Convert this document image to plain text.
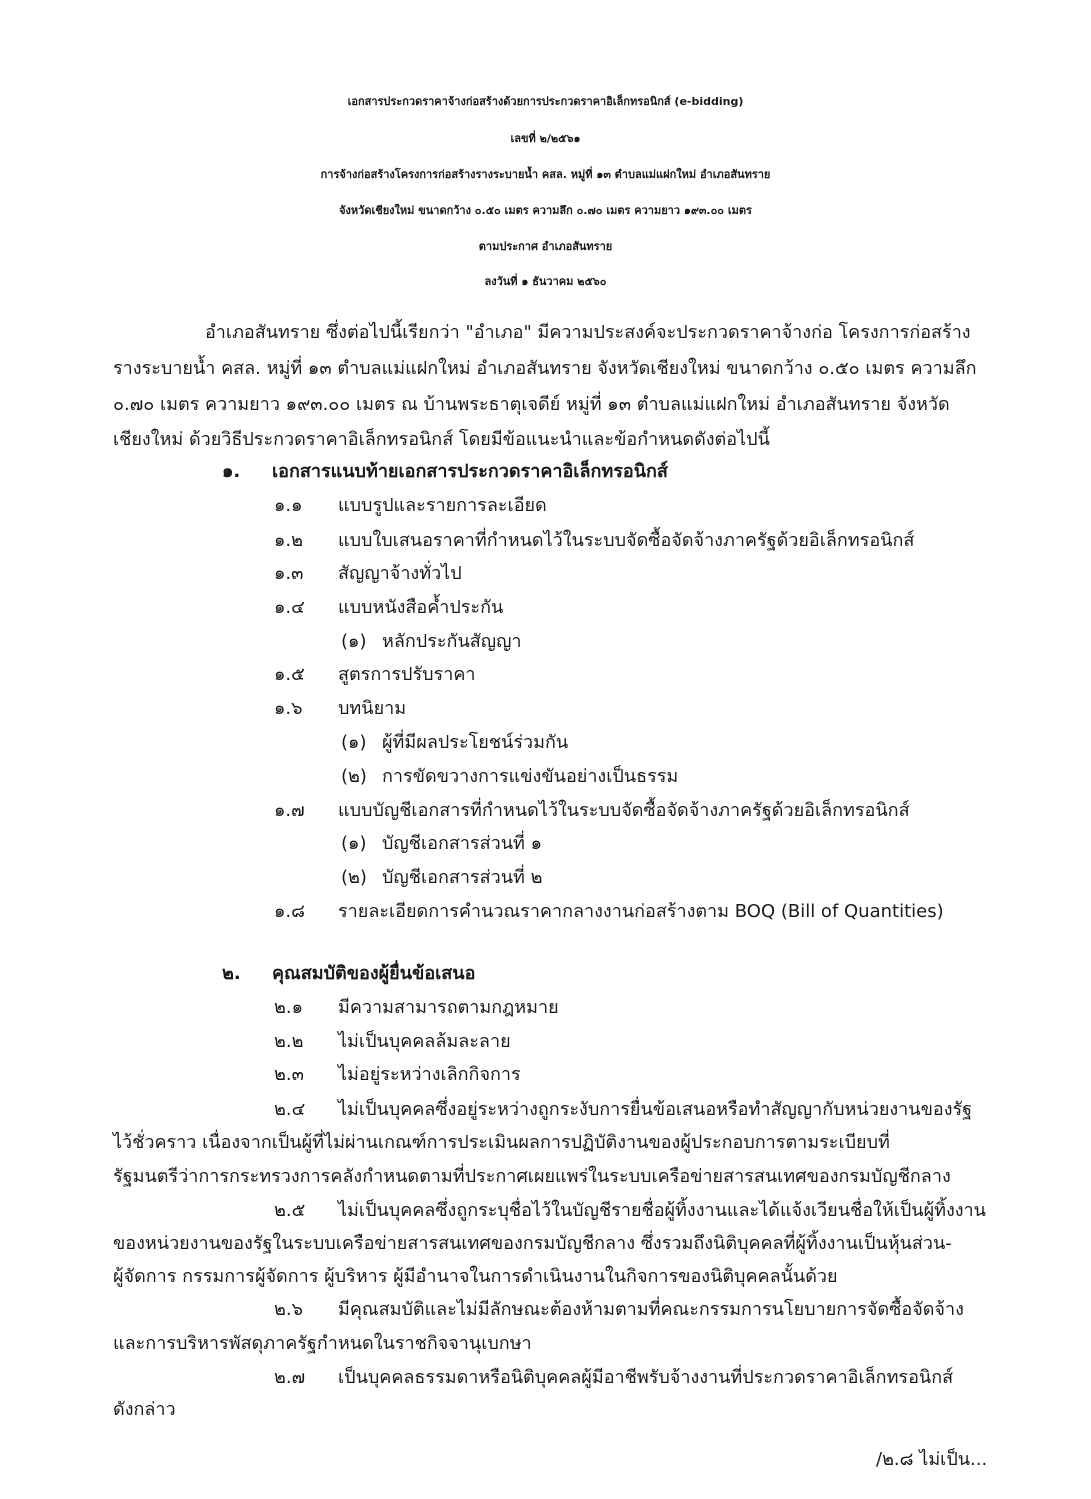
เอกสารประกวดราคาจ้างก่อสร้างด้วยการประกวดราคาอิเล็กทรอนิกส์ (e-bidding)
เลขที่ ๒/๒๕๖๑
การจ้างก่อสร้างโครงการก่อสร้างรางระบายน้ำ คสล. หมู่ที่ ๑๓ ตำบลแม่แฝกใหม่ อำเภอสันทราย
จังหวัดเชียงใหม่ ขนาดกว้าง ๐.๕๐ เมตร ความลึก ๐.๗๐ เมตร ความยาว ๑๙๓.๐๐ เมตร
ตามประกาศ อำเภอสันทราย
ลงวันที่ ๑ ธันวาคม ๒๕๖๐
อำเภอสันทราย ซึ่งต่อไปนี้เรียกว่า "อำเภอ" มีความประสงค์จะประกวดราคาจ้างก่อ โครงการก่อสร้าง
รางระบายน้ำ คสล. หมู่ที่ ๑๓ ตำบลแม่แฝกใหม่ อำเภอสันทราย จังหวัดเชียงใหม่ ขนาดกว้าง ๐.๕๐ เมตร ความลึก
๐.๗๐ เมตร ความยาว ๑๙๓.๐๐ เมตร ณ บ้านพระธาตุเจดีย์ หมู่ที่ ๑๓ ตำบลแม่แฝกใหม่ อำเภอสันทราย จังหวัด
เชียงใหม่ ด้วยวิธีประกวดราคาอิเล็กทรอนิกส์ โดยมีข้อแนะนำและข้อกำหนดดังต่อไปนี้
๑. เอกสารแนบท้ายเอกสารประกวดราคาอิเล็กทรอนิกส์
๑.๑ แบบรูปและรายการละเอียด
๑.๒ แบบใบเสนอราคาที่กำหนดไว้ในระบบจัดซื้อจัดจ้างภาครัฐด้วยอิเล็กทรอนิกส์
๑.๓ สัญญาจ้างทั่วไป
๑.๔ แบบหนังสือค้ำประกัน
(๑) หลักประกันสัญญา
๑.๕ สูตรการปรับราคา
๑.๖ บทนิยาม
(๑) ผู้ที่มีผลประโยชน์ร่วมกัน
(๒) การขัดขวางการแข่งขันอย่างเป็นธรรม
๑.๗ แบบบัญชีเอกสารที่กำหนดไว้ในระบบจัดซื้อจัดจ้างภาครัฐด้วยอิเล็กทรอนิกส์
(๑) บัญชีเอกสารส่วนที่ ๑
(๒) บัญชีเอกสารส่วนที่ ๒
๑.๘ รายละเอียดการคำนวณราคากลางงานก่อสร้างตาม BOQ (Bill of Quantities)
๒. คุณสมบัติของผู้ยื่นข้อเสนอ
๒.๑ มีความสามารถตามกฎหมาย
๒.๒ ไม่เป็นบุคคลล้มละลาย
๒.๓ ไม่อยู่ระหว่างเลิกกิจการ
๒.๔ ไม่เป็นบุคคลซึ่งอยู่ระหว่างถูกระงับการยื่นข้อเสนอหรือทำสัญญากับหน่วยงานของรัฐ
ไว้ชั่วคราว เนื่องจากเป็นผู้ที่ไม่ผ่านเกณฑ์การประเมินผลการปฏิบัติงานของผู้ประกอบการตามระเบียบที่
รัฐมนตรีว่าการกระทรวงการคลังกำหนดตามที่ประกาศเผยแพร่ในระบบเครือข่ายสารสนเทศของกรมบัญชีกลาง
๒.๕ ไม่เป็นบุคคลซึ่งถูกระบุชื่อไว้ในบัญชีรายชื่อผู้ทิ้งงานและได้แจ้งเวียนชื่อให้เป็นผู้ทิ้งงาน
ของหน่วยงานของรัฐในระบบเครือข่ายสารสนเทศของกรมบัญชีกลาง ซึ่งรวมถึงนิติบุคคลที่ผู้ทิ้งงานเป็นหุ้นส่วน-
ผู้จัดการ กรรมการผู้จัดการ ผู้บริหาร ผู้มีอำนาจในการดำเนินงานในกิจการของนิติบุคคลนั้นด้วย
๒.๖ มีคุณสมบัติและไม่มีลักษณะต้องห้ามตามที่คณะกรรมการนโยบายการจัดซื้อจัดจ้าง
และการบริหารพัสดุภาครัฐกำหนดในราชกิจจานุเบกษา
๒.๗ เป็นบุคคลธรรมดาหรือนิติบุคคลผู้มีอาชีพรับจ้างงานที่ประกวดราคาอิเล็กทรอนิกส์
ดังกล่าว
/๒.๘ ไม่เป็น...
